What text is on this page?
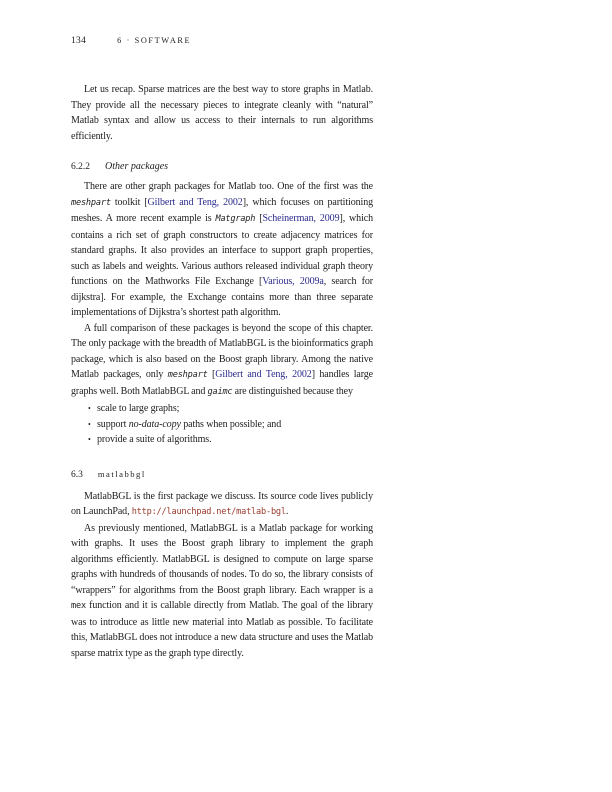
134	6 · SOFTWARE

Let us recap. Sparse matrices are the best way to store graphs in Matlab. They provide all the necessary pieces to integrate cleanly with “natural” Matlab syntax and allow us access to their internals to run algorithms efficiently.

6.2.2 Other packages

There are other graph packages for Matlab too. One of the first was the meshpart toolkit [Gilbert and Teng, 2002], which focuses on partitioning meshes. A more recent example is Matgraph [Scheinerman, 2009], which contains a rich set of graph constructors to create adjacency matrices for standard graphs. It also provides an interface to support graph properties, such as labels and weights. Various authors released individual graph theory functions on the Mathworks File Exchange [Various, 2009a, search for dijkstra]. For example, the Exchange contains more than three separate implementations of Dijkstra’s shortest path algorithm.

A full comparison of these packages is beyond the scope of this chapter. The only package with the breadth of MatlabBGL is the bioinformatics graph package, which is also based on the Boost graph library. Among the native Matlab packages, only meshpart [Gilbert and Teng, 2002] handles large graphs well. Both MatlabBGL and gaimc are distinguished because they

• scale to large graphs;
• support no-data-copy paths when possible; and
• provide a suite of algorithms.
6.3 matlabbgl

MatlabBGL is the first package we discuss. Its source code lives publicly on LaunchPad, http://launchpad.net/matlab-bgl.

As previously mentioned, MatlabBGL is a Matlab package for working with graphs. It uses the Boost graph library to implement the graph algorithms efficiently. MatlabBGL is designed to compute on large sparse graphs with hundreds of thousands of nodes. To do so, the library consists of “wrappers” for algorithms from the Boost graph library. Each wrapper is a mex function and it is callable directly from Matlab. The goal of the library was to introduce as little new material into Matlab as possible. To facilitate this, MatlabBGL does not introduce a new data structure and uses the Matlab sparse matrix type as the graph type directly.
